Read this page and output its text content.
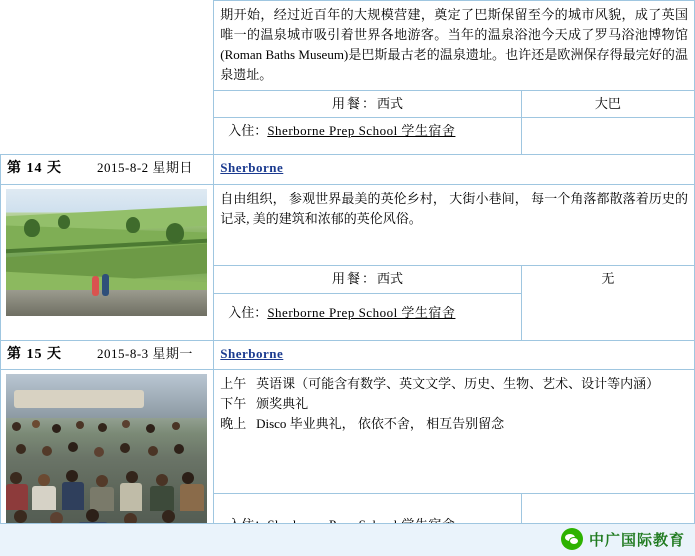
期开始，经过近百年的大规模营建，奠定了巴斯保留至今的城市风貌，成了英国唯一的温泉城市吸引着世界各地游客。当年的温泉浴池今天成了罗马浴池博物馆(Roman Baths Museum)是巴斯最古老的温泉遗址。也许还是欧洲保存得最完好的温泉遗址。

	用餐：西式	大巴
	入住：Sherborne Prep School 学生宿舍	

第 14 天	2015-8-2 星期日
	Sherborne

自由组织， 参观世界最美的英伦乡村， 大街小巷间， 每一个角落都散落着历史的记录, 美的建筑和浓郁的英伦风俗。

用餐：西式	无

入住：Sherborne Prep School 学生宿舍

第 15 天	2015-8-3 星期一
	Sherborne

上午 英语课（可能含有数学、英文文学、历史、生物、艺术、设计等内涵）
下午 颁奖典礼
晚上 Disco 毕业典礼， 依依不舍， 相互告别留念

中广国际教育
